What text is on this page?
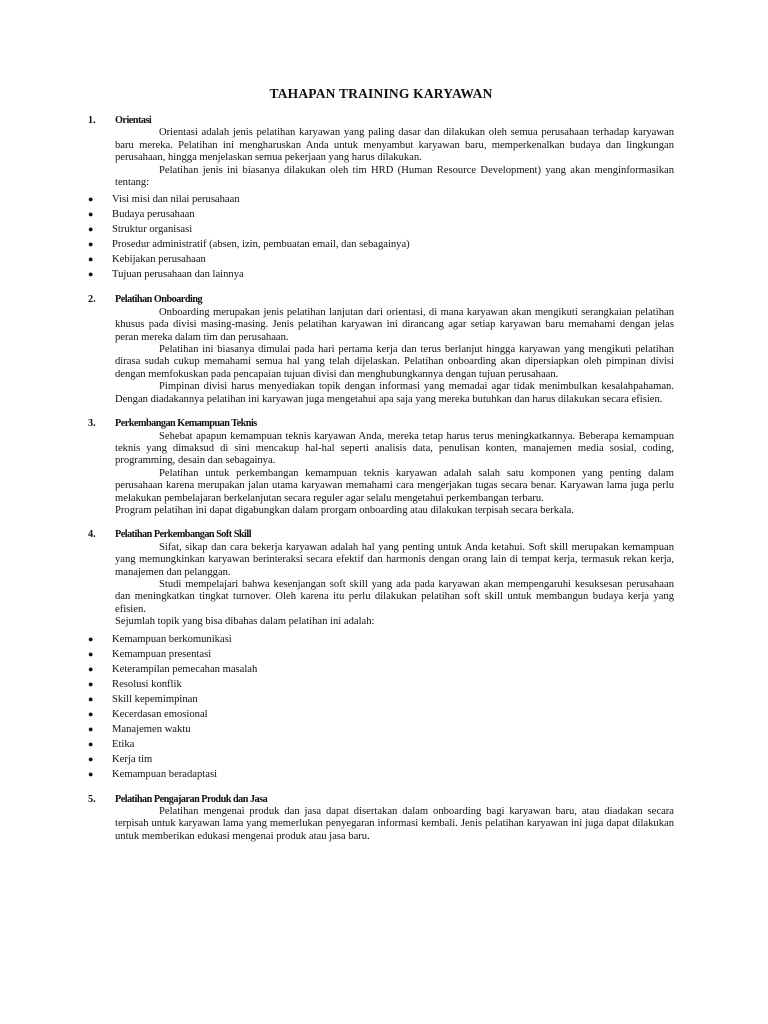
TAHAPAN TRAINING KARYAWAN
1.	Orientasi

Orientasi adalah jenis pelatihan karyawan yang paling dasar dan dilakukan oleh semua perusahaan terhadap karyawan baru mereka. Pelatihan ini mengharuskan Anda untuk menyambut karyawan baru, memperkenalkan budaya dan lingkungan perusahaan, hingga menjelaskan semua pekerjaan yang harus dilakukan.

Pelatihan jenis ini biasanya dilakukan oleh tim HRD (Human Resource Development) yang akan menginformasikan tentang:

●	Visi misi dan nilai perusahaan
●	Budaya perusahaan
●	Struktur organisasi
●	Prosedur administratif (absen, izin, pembuatan email, dan sebagainya)
●	Kebijakan perusahaan
●	Tujuan perusahaan dan lainnya
2.	Pelatihan Onboarding

Onboarding merupakan jenis pelatihan lanjutan dari orientasi, di mana karyawan akan mengikuti serangkaian pelatihan khusus pada divisi masing-masing. Jenis pelatihan karyawan ini dirancang agar setiap karyawan baru memahami dengan jelas peran mereka dalam tim dan perusahaan.

Pelatihan ini biasanya dimulai pada hari pertama kerja dan terus berlanjut hingga karyawan yang mengikuti pelatihan dirasa sudah cukup memahami semua hal yang telah dijelaskan. Pelatihan onboarding akan dipersiapkan oleh pimpinan divisi dengan memfokuskan pada pencapaian tujuan divisi dan menghubungkannya dengan tujuan perusahaan.

Pimpinan divisi harus menyediakan topik dengan informasi yang memadai agar tidak menimbulkan kesalahpahaman. Dengan diadakannya pelatihan ini karyawan juga mengetahui apa saja yang mereka butuhkan dan harus dilakukan secara efisien.

3.	Perkembangan Kemampuan Teknis

Sehebat apapun kemampuan teknis karyawan Anda, mereka tetap harus terus meningkatkannya. Beberapa kemampuan teknis yang dimaksud di sini mencakup hal-hal seperti analisis data, penulisan konten, manajemen media sosial, coding, programming, desain dan sebagainya.

Pelatihan untuk perkembangan kemampuan teknis karyawan adalah salah satu komponen yang penting dalam perusahaan karena merupakan jalan utama karyawan memahami cara mengerjakan tugas secara benar. Karyawan lama juga perlu melakukan pembelajaran berkelanjutan secara reguler agar selalu mengetahui perkembangan terbaru.

Program pelatihan ini dapat digabungkan dalam prorgam onboarding atau dilakukan terpisah secara berkala.

4.	Pelatihan Perkembangan Soft Skill

Sifat, sikap dan cara bekerja karyawan adalah hal yang penting untuk Anda ketahui. Soft skill merupakan kemampuan yang memungkinkan karyawan berinteraksi secara efektif dan harmonis dengan orang lain di tempat kerja, termasuk rekan kerja, manajemen dan pelanggan.

Studi mempelajari bahwa kesenjangan soft skill yang ada pada karyawan akan mempengaruhi kesuksesan perusahaan dan meningkatkan tingkat turnover. Oleh karena itu perlu dilakukan pelatihan soft skill untuk membangun budaya kerja yang efisien.

Sejumlah topik yang bisa dibahas dalam pelatihan ini adalah:

●	Kemampuan berkomunikasi
●	Kemampuan presentasi
●	Keterampilan pemecahan masalah
●	Resolusi konflik
●	Skill kepemimpinan
●	Kecerdasan emosional
●	Manajemen waktu
●	Etika
●	Kerja tim
●	Kemampuan beradaptasi
5.	Pelatihan Pengajaran Produk dan Jasa

Pelatihan mengenai produk dan jasa dapat disertakan dalam onboarding bagi karyawan baru, atau diadakan secara terpisah untuk karyawan lama yang memerlukan penyegaran informasi kembali. Jenis pelatihan karyawan ini juga dapat dilakukan untuk memberikan edukasi mengenai produk atau jasa baru.
